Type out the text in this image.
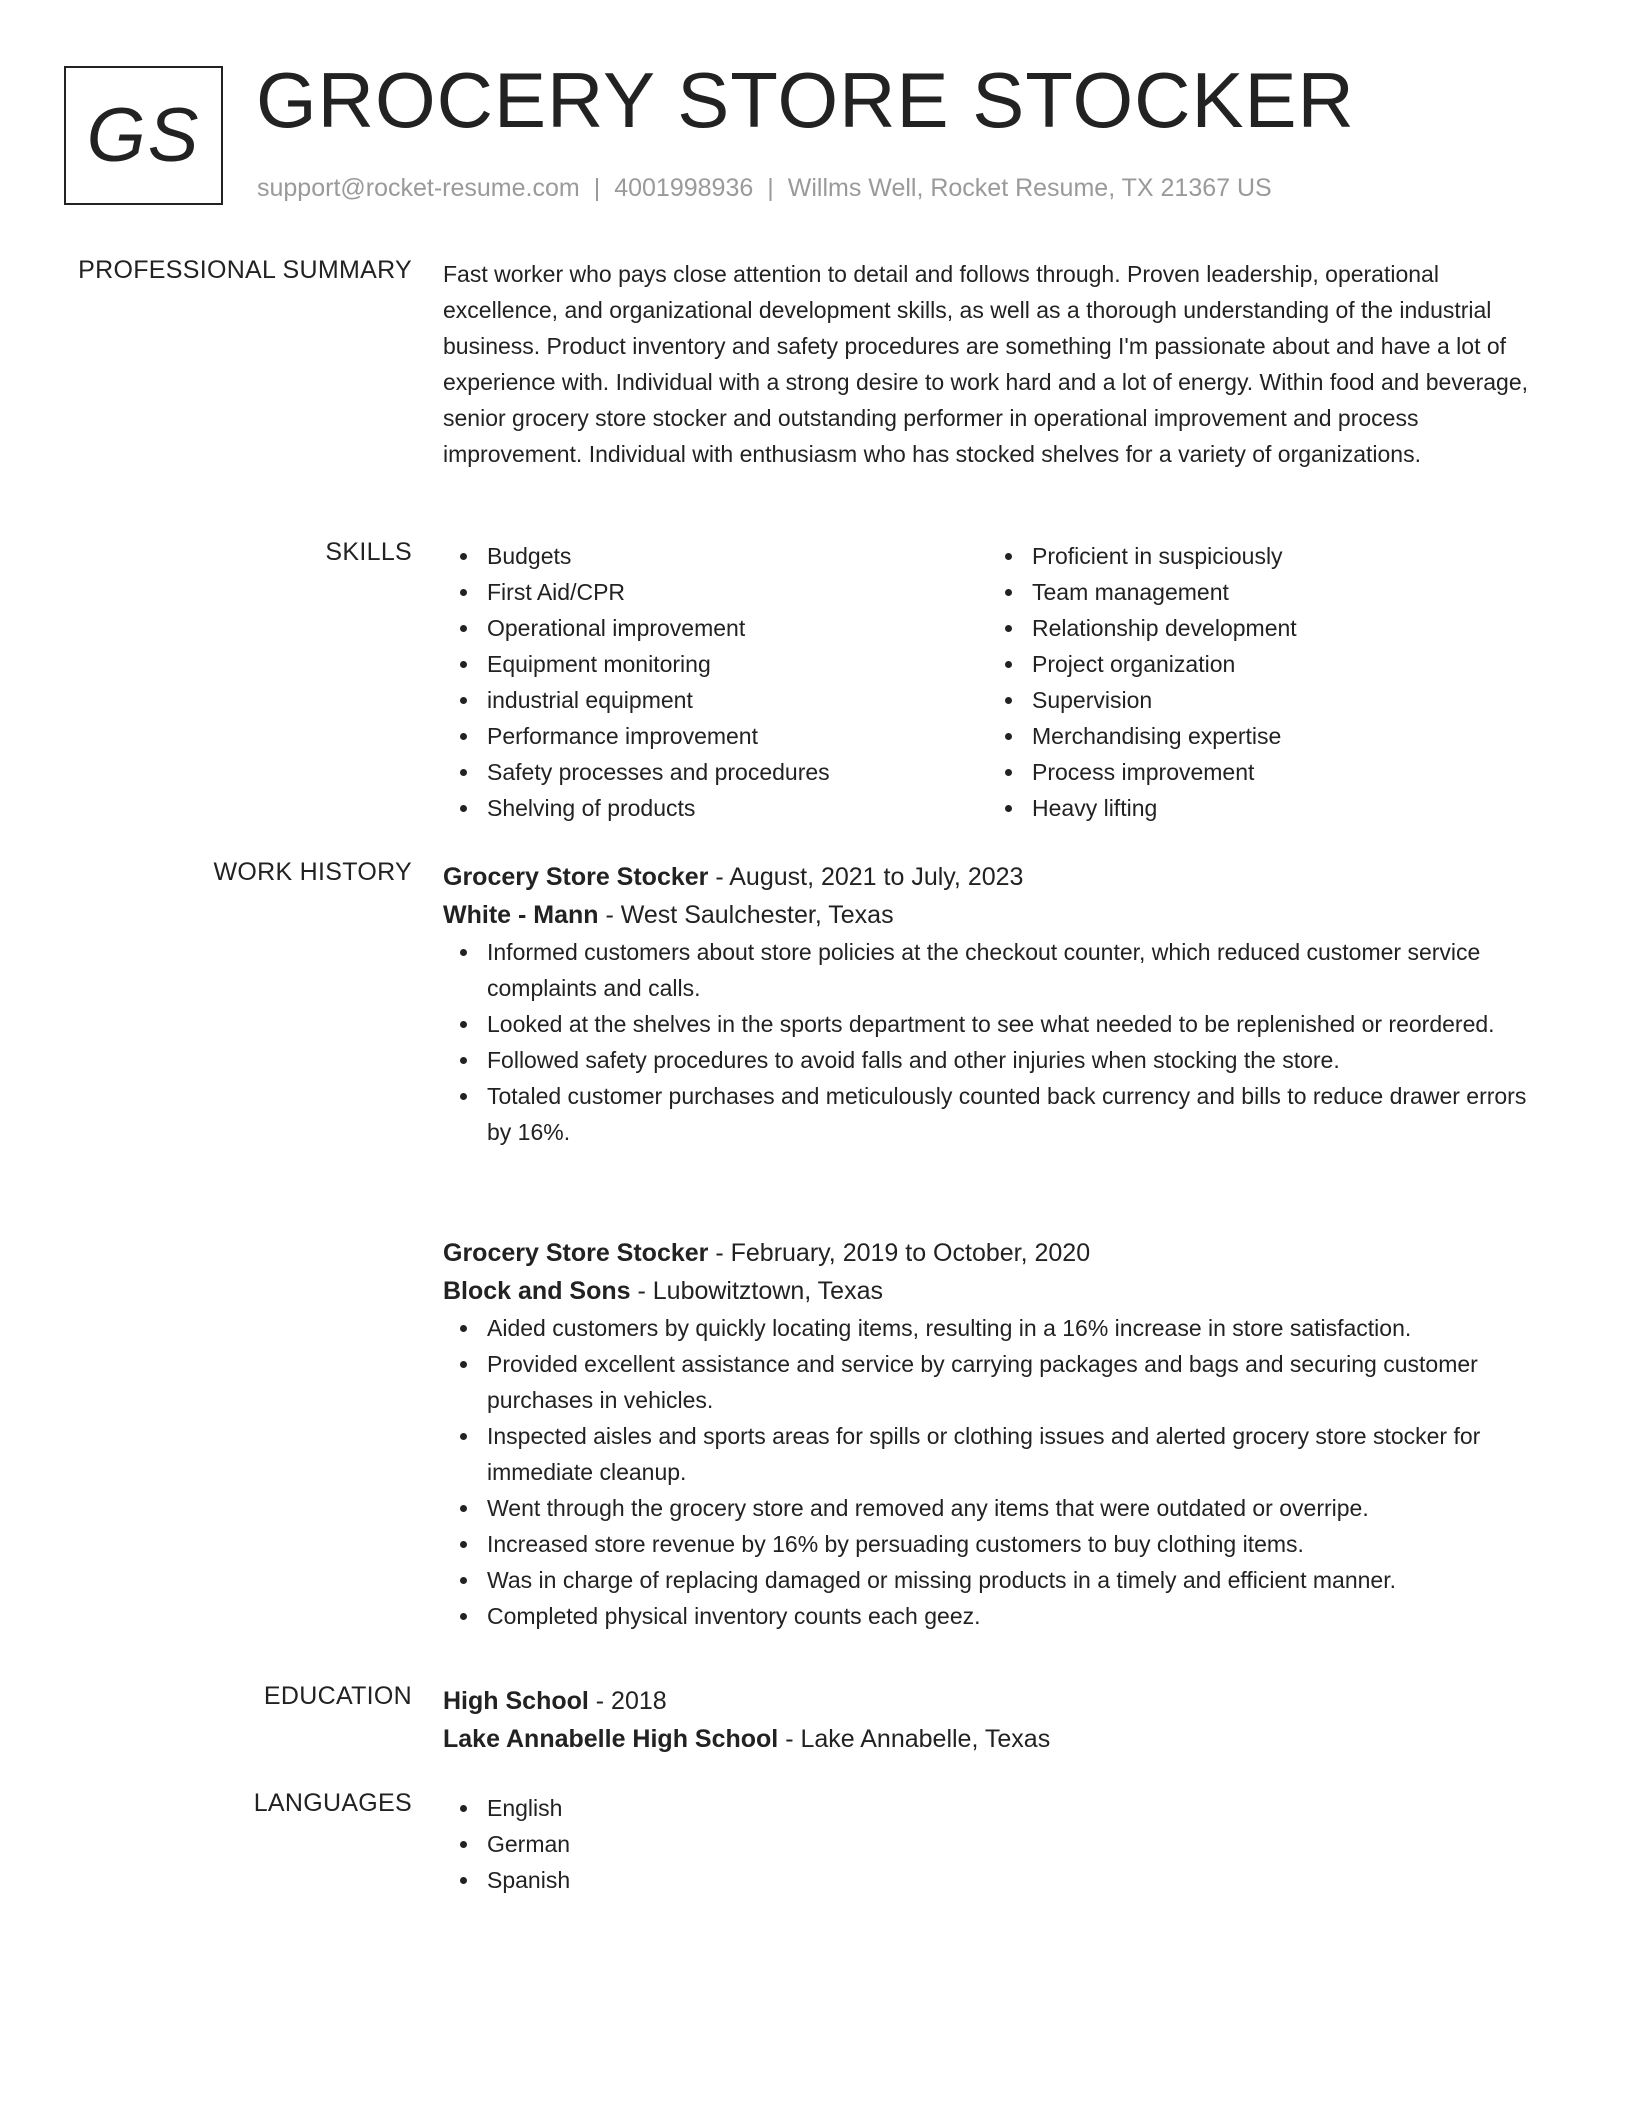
GS GROCERY STORE STOCKER
support@rocket-resume.com | 4001998936 | Willms Well, Rocket Resume, TX 21367 US
PROFESSIONAL SUMMARY Fast worker who pays close attention to detail and follows through. Proven leadership, operational excellence, and organizational development skills, as well as a thorough understanding of the industrial business. Product inventory and safety procedures are something I'm passionate about and have a lot of experience with. Individual with a strong desire to work hard and a lot of energy. Within food and beverage, senior grocery store stocker and outstanding performer in operational improvement and process improvement. Individual with enthusiasm who has stocked shelves for a variety of organizations.
SKILLS	Budgets
First Aid/CPR
Operational improvement
Equipment monitoring
industrial equipment
Performance improvement
Safety processes and procedures
Shelving of products
Proficient in suspiciously
Team management
Relationship development
Project organization
Supervision
Merchandising expertise
Process improvement
Heavy lifting
WORK HISTORY Grocery Store Stocker - August, 2021 to July, 2023
White - Mann - West Saulchester, Texas
Informed customers about store policies at the checkout counter, which reduced customer service complaints and calls.
Looked at the shelves in the sports department to see what needed to be replenished or reordered.
Followed safety procedures to avoid falls and other injuries when stocking the store.
Totaled customer purchases and meticulously counted back currency and bills to reduce drawer errors by 16%.
Grocery Store Stocker - February, 2019 to October, 2020
Block and Sons - Lubowitztown, Texas
Aided customers by quickly locating items, resulting in a 16% increase in store satisfaction.
Provided excellent assistance and service by carrying packages and bags and securing customer purchases in vehicles.
Inspected aisles and sports areas for spills or clothing issues and alerted grocery store stocker for immediate cleanup.
Went through the grocery store and removed any items that were outdated or overripe.
Increased store revenue by 16% by persuading customers to buy clothing items.
Was in charge of replacing damaged or missing products in a timely and efficient manner.
Completed physical inventory counts each geez.
EDUCATION High School - 2018
Lake Annabelle High School - Lake Annabelle, Texas
LANGUAGES	English
German
Spanish
